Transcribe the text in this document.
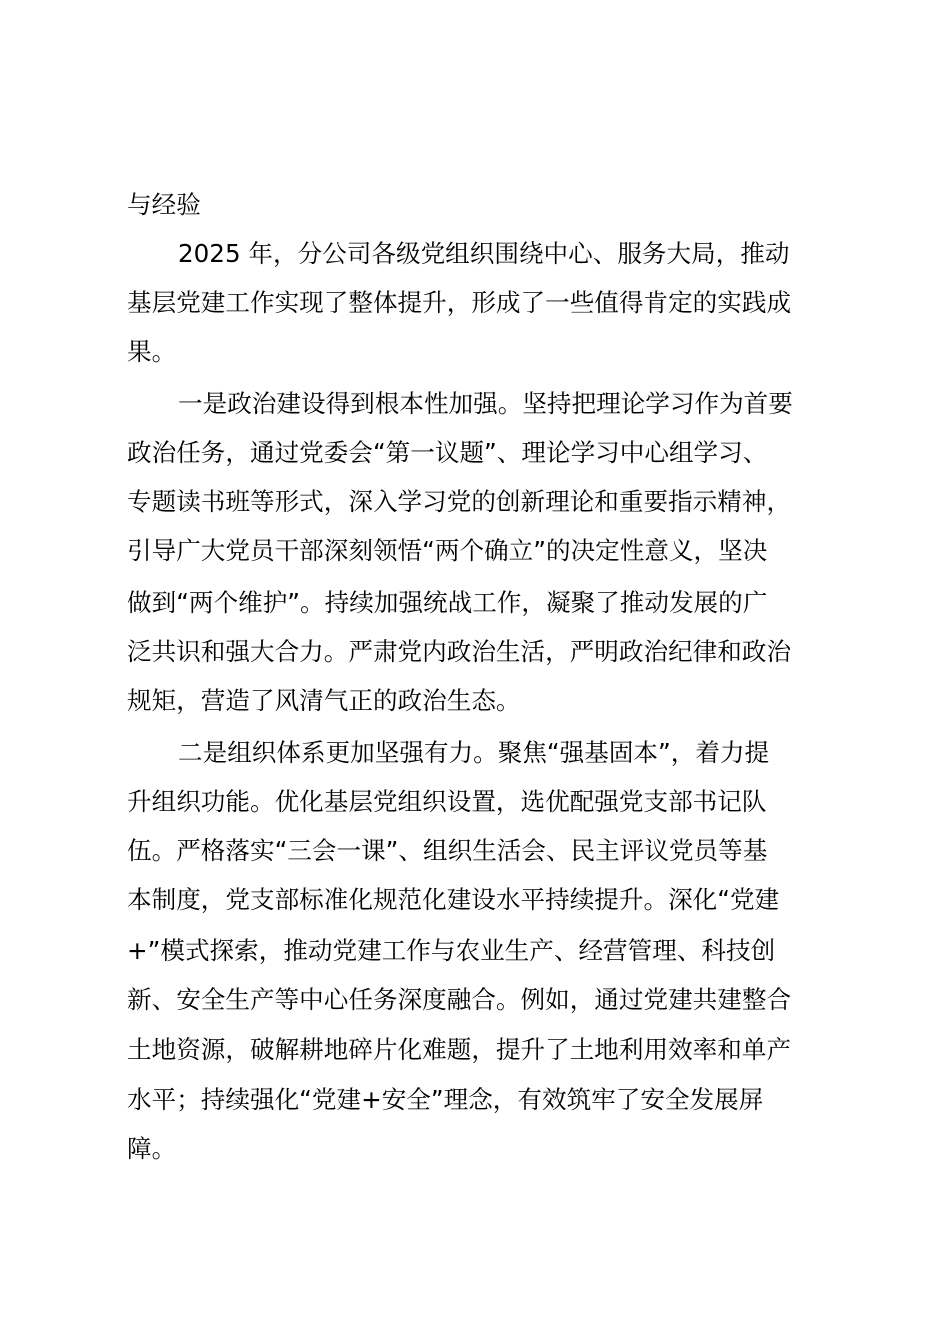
与经验
2025 年，分公司各级党组织围绕中心、服务大局，推动
基层党建工作实现了整体提升，形成了一些值得肯定的实践成
果。
一是政治建设得到根本性加强。坚持把理论学习作为首要
政治任务，通过党委会“第一议题”、理论学习中心组学习、
专题读书班等形式，深入学习党的创新理论和重要指示精神，
引导广大党员干部深刻领悟“两个确立”的决定性意义，坚决
做到“两个维护”。持续加强统战工作，凝聚了推动发展的广
泛共识和强大合力。严肃党内政治生活，严明政治纪律和政治
规矩，营造了风清气正的政治生态。
二是组织体系更加坚强有力。聚焦“强基固本”，着力提
升组织功能。优化基层党组织设置，选优配强党支部书记队
伍。严格落实“三会一课”、组织生活会、民主评议党员等基
本制度，党支部标准化规范化建设水平持续提升。深化“党建
+”模式探索，推动党建工作与农业生产、经营管理、科技创
新、安全生产等中心任务深度融合。例如，通过党建共建整合
土地资源，破解耕地碎片化难题，提升了土地利用效率和单产
水平；持续强化“党建+安全”理念，有效筑牢了安全发展屏
障。
